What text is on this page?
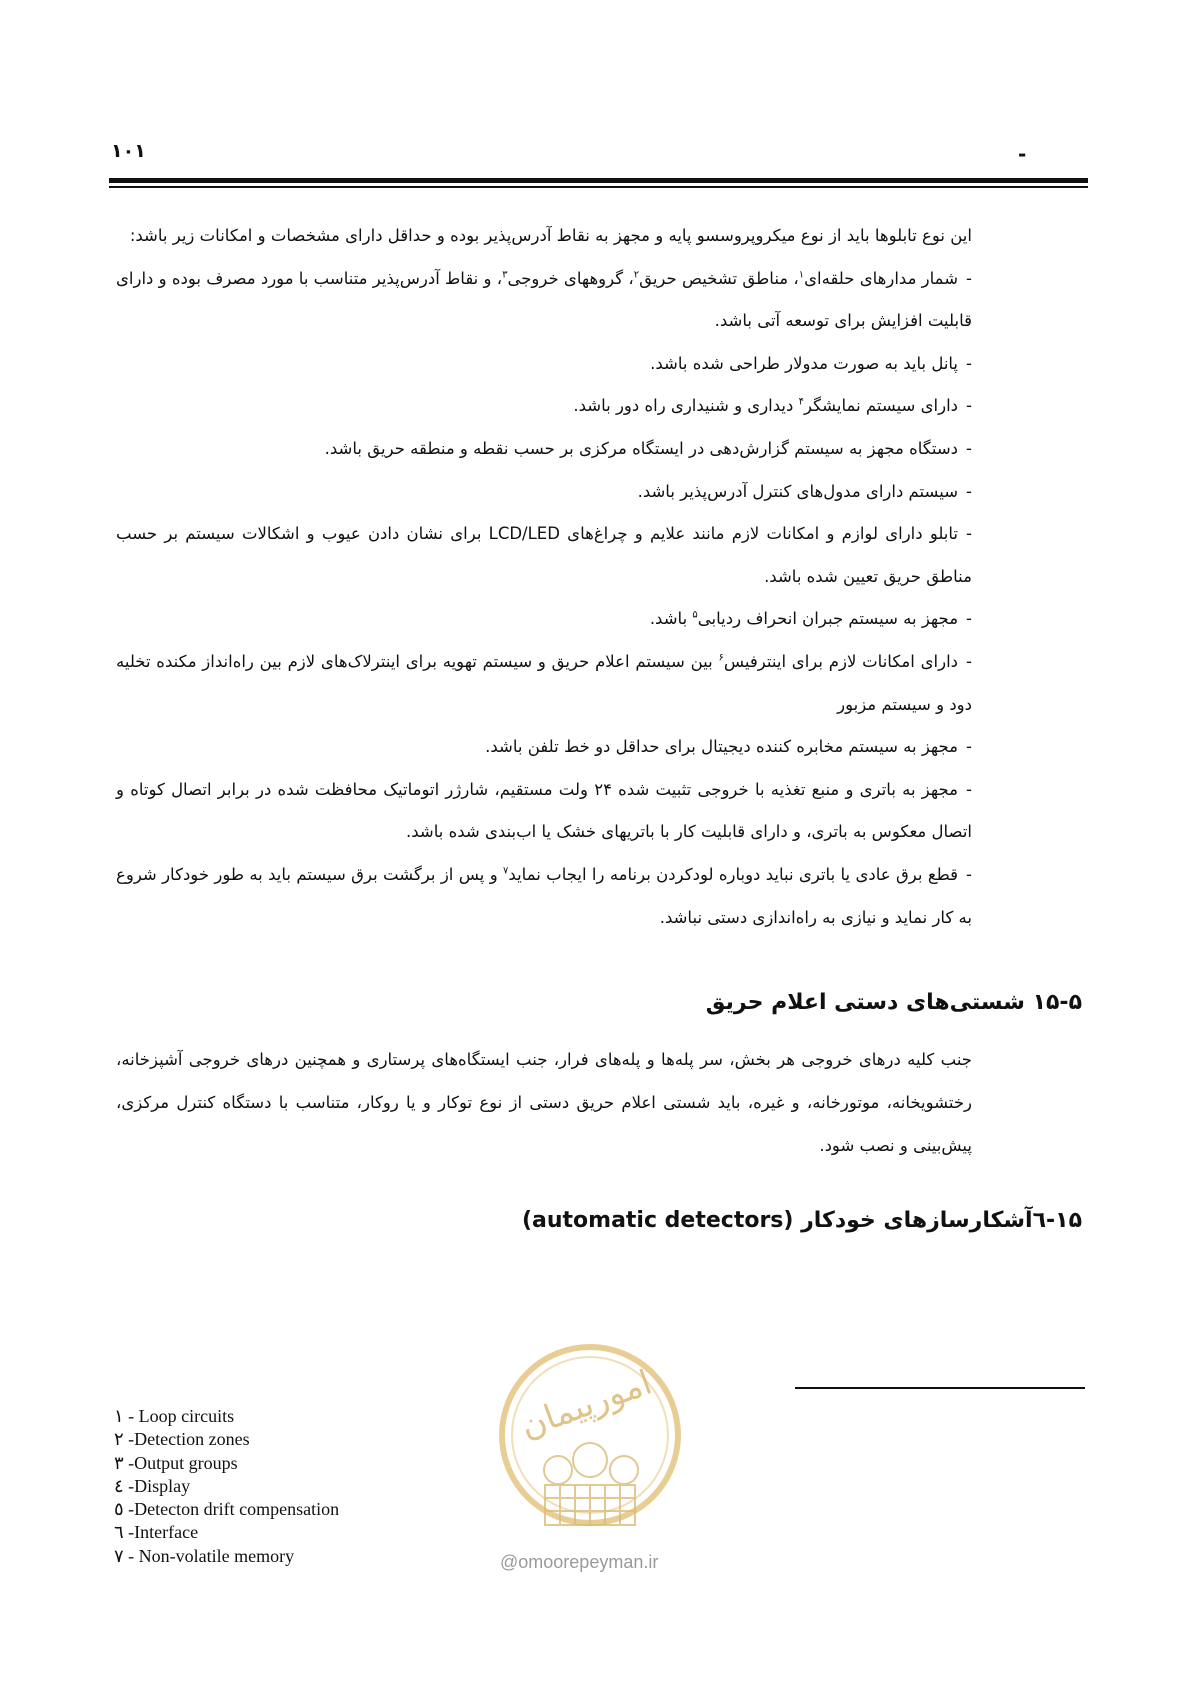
۱۰۱	-

این نوع تابلوها باید از نوع میکروپروسسو پایه و مجهز به نقاط آدرس‌پذیر بوده و حداقل دارای مشخصات و امکانات زیر باشد:

-شمار مدارهای حلقه‌ای$^۱$، مناطق تشخیص حریق$^۲$، گروههای خروجی$^۳$، و نقاط آدرس‌پذیر متناسب با مورد مصرف بوده و دارای قابلیت افزایش برای توسعه آتی باشد.

-پانل باید به صورت مدولار طراحی شده باشد.

-دارای سیستم نمایشگر$^۴$ دیداری و شنیداری راه دور باشد.

-دستگاه مجهز به سیستم گزارش‌دهی در ایستگاه مرکزی بر حسب نقطه و منطقه حریق باشد.

-سیستم دارای مدول‌های کنترل آدرس‌پذیر باشد.

-تابلو دارای لوازم و امکانات لازم مانند علایم و چراغ‌های LCD/LED برای نشان دادن عیوب و اشکالات سیستم بر حسب مناطق حریق تعیین شده باشد.

-مجهز به سیستم جبران انحراف ردیابی$^۵$ باشد.

-دارای امکانات لازم برای اینترفیس$^۶$ بین سیستم اعلام حریق و سیستم تهویه برای اینترلاک‌های لازم بین راه‌انداز مکنده تخلیه دود و سیستم مزبور

-مجهز به سیستم مخابره کننده دیجیتال برای حداقل دو خط تلفن باشد.

-مجهز به باتری و منبع تغذیه با خروجی تثبیت شده ۲۴ ولت مستقیم، شارژر اتوماتیک محافظت شده در برابر اتصال کوتاه و اتصال معکوس به باتری، و دارای قابلیت کار با باتریهای خشک یا اب‌بندی شده باشد.

-قطع برق عادی یا باتری نباید دوباره لودکردن برنامه را ایجاب نماید$^۷$ و پس از برگشت برق سیستم باید به طور خودکار شروع به کار نماید و نیازی به راه‌اندازی دستی نباشد.

۱۵-۵ شستی‌های دستی اعلام حریق

جنب کلیه درهای خروجی هر بخش، سر پله‌ها و پله‌های فرار، جنب ایستگاه‌های پرستاری و همچنین درهای خروجی آشپزخانه، رختشویخانه، موتورخانه، و غیره، باید شستی اعلام حریق دستی از نوع توکار و یا روکار، متناسب با دستگاه کنترل مرکزی، پیش‌بینی و نصب شود.

۱۵-٦آشکارسازهای خودکار (automatic detectors)
۱ - Loop circuits
۲ -Detection zones
۳ -Output groups
٤ -Display
٥ -Detecton drift compensation
٦ -Interface
۷ - Non-volatile memory
امورپیمان
@omoorepeyman.ir
